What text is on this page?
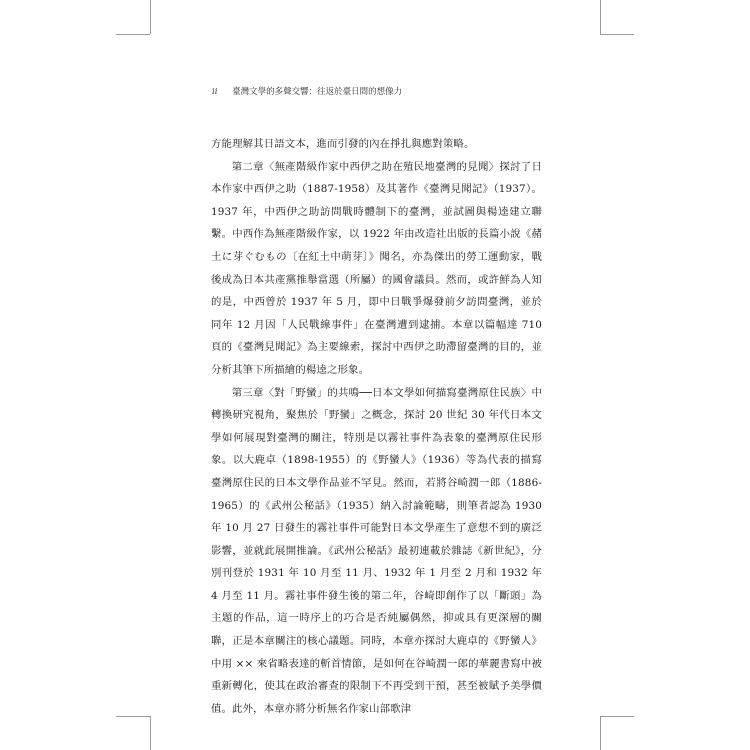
ii 臺灣文學的多聲交響：往返於臺日間的想像力

方能理解其日語文本，進而引發的內在掙扎與應對策略。

第二章〈無產階級作家中西伊之助在殖民地臺灣的見聞〉探討了日本作家中西伊之助（1887-1958）及其著作《臺灣見聞記》（1937）。1937 年，中西伊之助訪問戰時體制下的臺灣，並試圖與楊逵建立聯繫。中西作為無產階級作家，以 1922 年由改造社出版的長篇小說《赭土に芽ぐむもの〔在紅土中萌芽〕》聞名，亦為傑出的勞工運動家，戰後成為日本共產黨推舉當選（所屬）的國會議員。然而，或許鮮為人知的是，中西曾於 1937 年 5 月，即中日戰爭爆發前夕訪問臺灣，並於同年 12 月因「人民戰線事件」在臺灣遭到逮捕。本章以篇幅達 710 頁的《臺灣見聞記》為主要線索，探討中西伊之助滯留臺灣的目的，並分析其筆下所描繪的楊逵之形象。

第三章〈對「野蠻」的共鳴──日本文學如何描寫臺灣原住民族〉中轉換研究視角，聚焦於「野蠻」之概念，探討 20 世紀 30 年代日本文學如何展現對臺灣的關注，特別是以霧社事件為表象的臺灣原住民形象。以大鹿卓（1898-1955）的《野蠻人》（1936）等為代表的描寫臺灣原住民的日本文學作品並不罕見。然而，若將谷崎潤一郎（1886-1965）的《武州公秘話》（1935）納入討論範疇，則筆者認為 1930 年 10 月 27 日發生的霧社事件可能對日本文學產生了意想不到的廣泛影響，並就此展開推論。《武州公秘話》最初連載於雜誌《新世紀》，分別刊登於 1931 年 10 月至 11 月、1932 年 1 月至 2 月和 1932 年 4 月至 11 月。霧社事件發生後的第二年，谷崎即創作了以「斷頭」為主題的作品，這一時序上的巧合是否純屬偶然，抑或具有更深層的關聯，正是本章關注的核心議題。同時，本章亦探討大鹿卓的《野蠻人》中用 ×× 來省略表達的斬首情節，是如何在谷崎潤一郎的華麗書寫中被重新轉化，使其在政治審查的限制下不再受到干預，甚至被賦予美學價值。此外，本章亦將分析無名作家山部歌津
